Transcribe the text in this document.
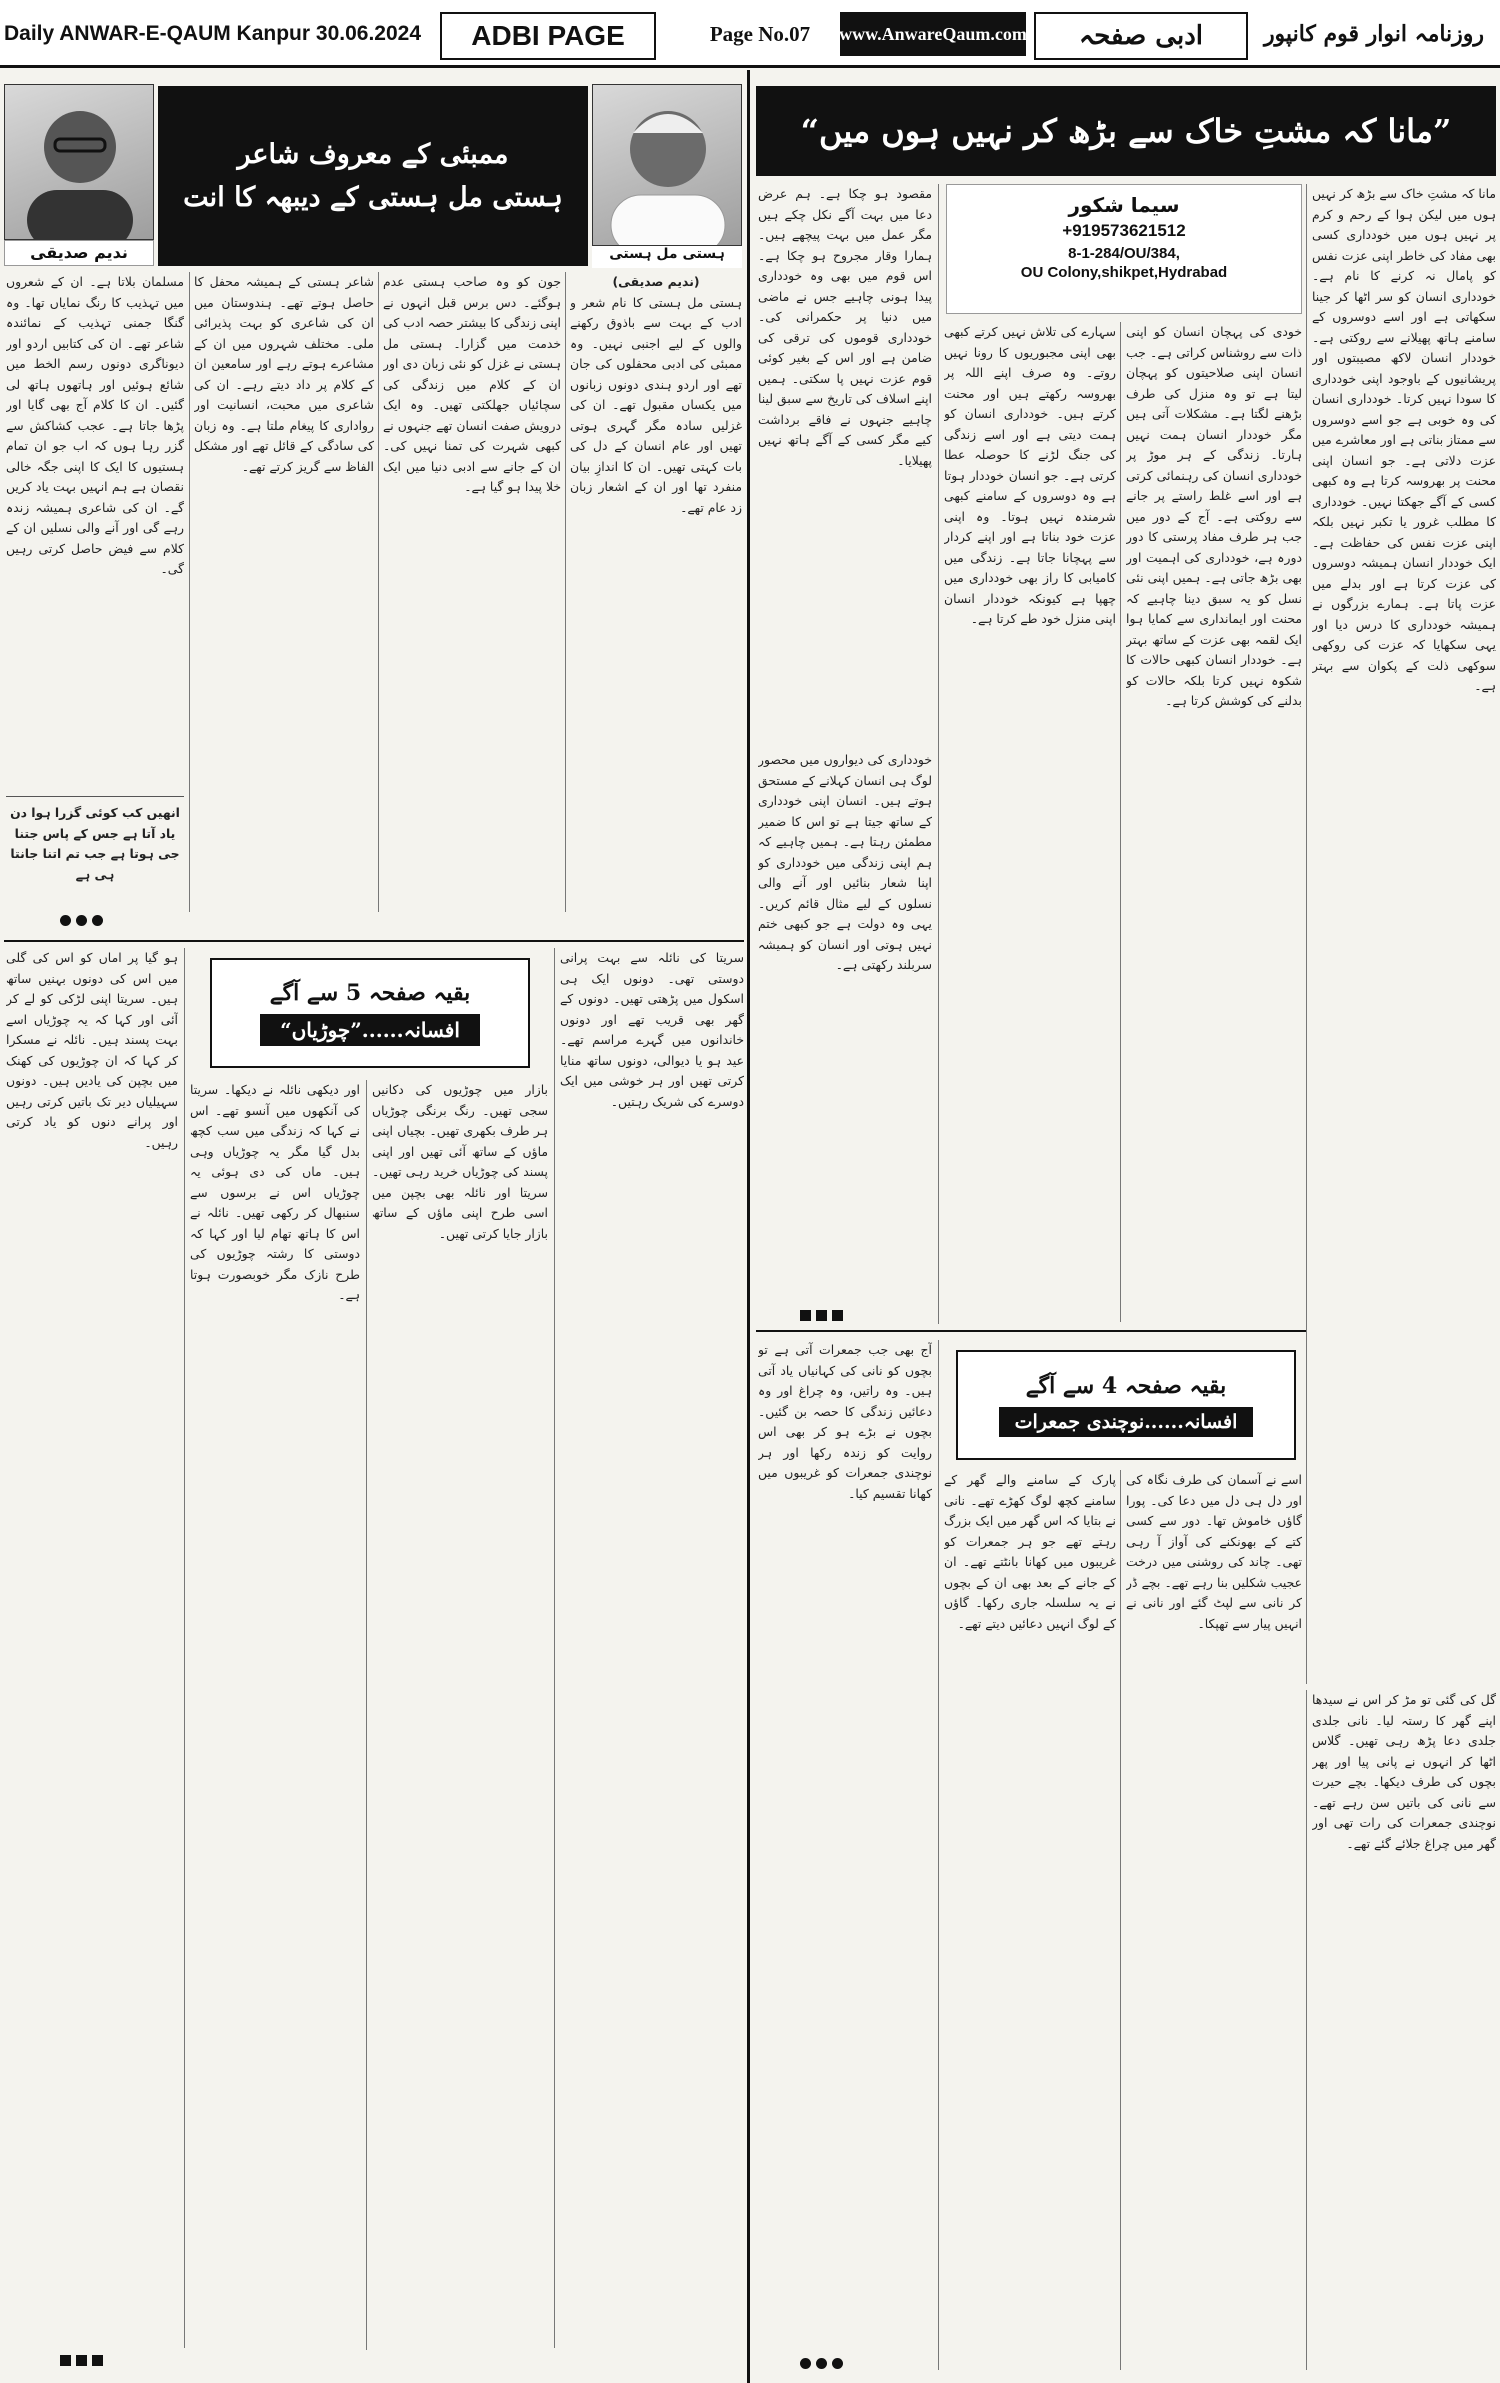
Daily ANWAR-E-QAUM Kanpur
30.06.2024	ADBI PAGE	Page No.07	www.AnwareQaum.com	ادبی صفحہ	روزنامہ انوار قوم کانپور
ندیم صدیقی
ممبئی کے معروف شاعر
ہستی مل ہستی کے دیبھہ کا انت
ہستی مل ہستی
(ندیم صدیقی)
ہستی مل ہستی کا نام شعر و ادب کے بہت سے باذوق رکھنے والوں کے لیے اجنبی نہیں۔ وہ ممبئی کی ادبی محفلوں کی جان تھے اور اردو ہندی دونوں زبانوں میں یکساں مقبول تھے۔ ان کی غزلیں سادہ مگر گہری ہوتی تھیں اور عام انسان کے دل کی بات کہتی تھیں۔ ان کا اندازِ بیان منفرد تھا اور ان کے اشعار زبان زد عام تھے۔
جون کو وہ صاحب ہستی عدم ہوگئے۔ دس برس قبل انہوں نے اپنی زندگی کا بیشتر حصہ ادب کی خدمت میں گزارا۔ ہستی مل ہستی نے غزل کو نئی زبان دی اور ان کے کلام میں زندگی کی سچائیاں جھلکتی تھیں۔ وہ ایک درویش صفت انسان تھے جنہوں نے کبھی شہرت کی تمنا نہیں کی۔ ان کے جانے سے ادبی دنیا میں ایک خلا پیدا ہو گیا ہے۔
شاعر ہستی کے ہمیشہ محفل کا حاصل ہوتے تھے۔ ہندوستان میں ان کی شاعری کو بہت پذیرائی ملی۔ مختلف شہروں میں ان کے مشاعرے ہوتے رہے اور سامعین ان کے کلام پر داد دیتے رہے۔ ان کی شاعری میں محبت، انسانیت اور رواداری کا پیغام ملتا ہے۔ وہ زبان کی سادگی کے قائل تھے اور مشکل الفاظ سے گریز کرتے تھے۔
مسلمان بلاتا ہے۔ ان کے شعروں میں تہذیب کا رنگ نمایاں تھا۔ وہ گنگا جمنی تہذیب کے نمائندہ شاعر تھے۔ ان کی کتابیں اردو اور دیوناگری دونوں رسم الخط میں شائع ہوئیں اور ہاتھوں ہاتھ لی گئیں۔ ان کا کلام آج بھی گایا اور پڑھا جاتا ہے۔ عجب کشاکش سے گزر رہا ہوں کہ اب جو ان تمام ہستیوں کا ایک کا اپنی جگہ خالی نقصان ہے ہم انہیں بہت یاد کریں گے۔ ان کی شاعری ہمیشہ زندہ رہے گی اور آنے والی نسلیں ان کے کلام سے فیض حاصل کرتی رہیں گی۔
انھیں کب کوئی گزرا ہوا دن یاد آتا ہے جس کے پاس جتنا جی ہوتا ہے جب تم اتنا جانتا ہی ہے
بقیہ صفحہ 5 سے آگے
افسانہ......”چوڑیاں“
سریتا کی نائلہ سے بہت پرانی دوستی تھی۔ دونوں ایک ہی اسکول میں پڑھتی تھیں۔ دونوں کے گھر بھی قریب تھے اور دونوں خاندانوں میں گہرے مراسم تھے۔ عید ہو یا دیوالی، دونوں ساتھ منایا کرتی تھیں اور ہر خوشی میں ایک دوسرے کی شریک رہتیں۔
بازار میں چوڑیوں کی دکانیں سجی تھیں۔ رنگ برنگی چوڑیاں ہر طرف بکھری تھیں۔ بچیاں اپنی ماؤں کے ساتھ آئی تھیں اور اپنی پسند کی چوڑیاں خرید رہی تھیں۔ سریتا اور نائلہ بھی بچپن میں اسی طرح اپنی ماؤں کے ساتھ بازار جایا کرتی تھیں۔
اور دیکھی نائلہ نے دیکھا۔ سریتا کی آنکھوں میں آنسو تھے۔ اس نے کہا کہ زندگی میں سب کچھ بدل گیا مگر یہ چوڑیاں وہی ہیں۔ ماں کی دی ہوئی یہ چوڑیاں اس نے برسوں سے سنبھال کر رکھی تھیں۔ نائلہ نے اس کا ہاتھ تھام لیا اور کہا کہ دوستی کا رشتہ چوڑیوں کی طرح نازک مگر خوبصورت ہوتا ہے۔
ہو گیا پر اماں کو اس کی گلی میں اس کی دونوں بہنیں ساتھ ہیں۔ سریتا اپنی لڑکی کو لے کر آئی اور کہا کہ یہ چوڑیاں اسے بہت پسند ہیں۔ نائلہ نے مسکرا کر کہا کہ ان چوڑیوں کی کھنک میں بچپن کی یادیں ہیں۔ دونوں سہیلیاں دیر تک باتیں کرتی رہیں اور پرانے دنوں کو یاد کرتی رہیں۔
”مانا کہ مشتِ خاک سے بڑھ کر نہیں ہوں میں“
سیما شکور
+919573621512
8-1-284/OU/384,
OU Colony,shikpet,Hydrabad
مانا کہ مشتِ خاک سے بڑھ کر نہیں ہوں میں لیکن ہوا کے رحم و کرم پر نہیں ہوں میں خودداری کسی بھی مفاد کی خاطر اپنی عزت نفس کو پامال نہ کرنے کا نام ہے۔ خودداری انسان کو سر اٹھا کر جینا سکھاتی ہے اور اسے دوسروں کے سامنے ہاتھ پھیلانے سے روکتی ہے۔ خوددار انسان لاکھ مصیبتوں اور پریشانیوں کے باوجود اپنی خودداری کا سودا نہیں کرتا۔ خودداری انسان کی وہ خوبی ہے جو اسے دوسروں سے ممتاز بناتی ہے اور معاشرے میں عزت دلاتی ہے۔ جو انسان اپنی محنت پر بھروسہ کرتا ہے وہ کبھی کسی کے آگے جھکتا نہیں۔ خودداری کا مطلب غرور یا تکبر نہیں بلکہ اپنی عزت نفس کی حفاظت ہے۔ ایک خوددار انسان ہمیشہ دوسروں کی عزت کرتا ہے اور بدلے میں عزت پاتا ہے۔ ہمارے بزرگوں نے ہمیشہ خودداری کا درس دیا اور یہی سکھایا کہ عزت کی روکھی سوکھی ذلت کے پکوان سے بہتر ہے۔
خودی کی پہچان انسان کو اپنی ذات سے روشناس کراتی ہے۔ جب انسان اپنی صلاحیتوں کو پہچان لیتا ہے تو وہ منزل کی طرف بڑھنے لگتا ہے۔ مشکلات آتی ہیں مگر خوددار انسان ہمت نہیں ہارتا۔ زندگی کے ہر موڑ پر خودداری انسان کی رہنمائی کرتی ہے اور اسے غلط راستے پر جانے سے روکتی ہے۔ آج کے دور میں جب ہر طرف مفاد پرستی کا دور دورہ ہے، خودداری کی اہمیت اور بھی بڑھ جاتی ہے۔ ہمیں اپنی نئی نسل کو یہ سبق دینا چاہیے کہ محنت اور ایمانداری سے کمایا ہوا ایک لقمہ بھی عزت کے ساتھ بہتر ہے۔ خوددار انسان کبھی حالات کا شکوہ نہیں کرتا بلکہ حالات کو بدلنے کی کوشش کرتا ہے۔
سہارے کی تلاش نہیں کرتے کبھی بھی اپنی مجبوریوں کا رونا نہیں روتے۔ وہ صرف اپنے اللہ پر بھروسہ رکھتے ہیں اور محنت کرتے ہیں۔ خودداری انسان کو ہمت دیتی ہے اور اسے زندگی کی جنگ لڑنے کا حوصلہ عطا کرتی ہے۔ جو انسان خوددار ہوتا ہے وہ دوسروں کے سامنے کبھی شرمندہ نہیں ہوتا۔ وہ اپنی عزت خود بناتا ہے اور اپنے کردار سے پہچانا جاتا ہے۔ زندگی میں کامیابی کا راز بھی خودداری میں چھپا ہے کیونکہ خوددار انسان اپنی منزل خود طے کرتا ہے۔
مقصود ہو چکا ہے۔ ہم عرض دعا میں بہت آگے نکل چکے ہیں مگر عمل میں بہت پیچھے ہیں۔ ہمارا وقار مجروح ہو چکا ہے۔ اس قوم میں بھی وہ خودداری پیدا ہونی چاہیے جس نے ماضی میں دنیا پر حکمرانی کی۔ خودداری قوموں کی ترقی کی ضامن ہے اور اس کے بغیر کوئی قوم عزت نہیں پا سکتی۔ ہمیں اپنے اسلاف کی تاریخ سے سبق لینا چاہیے جنہوں نے فاقے برداشت کیے مگر کسی کے آگے ہاتھ نہیں پھیلایا۔
خودداری کی دیواروں میں محصور لوگ ہی انسان کہلانے کے مستحق ہوتے ہیں۔ انسان اپنی خودداری کے ساتھ جیتا ہے تو اس کا ضمیر مطمئن رہتا ہے۔ ہمیں چاہیے کہ ہم اپنی زندگی میں خودداری کو اپنا شعار بنائیں اور آنے والی نسلوں کے لیے مثال قائم کریں۔ یہی وہ دولت ہے جو کبھی ختم نہیں ہوتی اور انسان کو ہمیشہ سربلند رکھتی ہے۔
بقیہ صفحہ 4 سے آگے
افسانہ......نوچندی جمعرات
گل کی گئی تو مڑ کر اس نے سیدھا اپنے گھر کا رستہ لیا۔ نانی جلدی جلدی دعا پڑھ رہی تھیں۔ گلاس اٹھا کر انہوں نے پانی پیا اور پھر بچوں کی طرف دیکھا۔ بچے حیرت سے نانی کی باتیں سن رہے تھے۔ نوچندی جمعرات کی رات تھی اور گھر میں چراغ جلائے گئے تھے۔
اسے نے آسمان کی طرف نگاہ کی اور دل ہی دل میں دعا کی۔ پورا گاؤں خاموش تھا۔ دور سے کسی کتے کے بھونکنے کی آواز آ رہی تھی۔ چاند کی روشنی میں درخت عجیب شکلیں بنا رہے تھے۔ بچے ڈر کر نانی سے لپٹ گئے اور نانی نے انہیں پیار سے تھپکا۔
پارک کے سامنے والے گھر کے سامنے کچھ لوگ کھڑے تھے۔ نانی نے بتایا کہ اس گھر میں ایک بزرگ رہتے تھے جو ہر جمعرات کو غریبوں میں کھانا بانٹتے تھے۔ ان کے جانے کے بعد بھی ان کے بچوں نے یہ سلسلہ جاری رکھا۔ گاؤں کے لوگ انہیں دعائیں دیتے تھے۔
آج بھی جب جمعرات آتی ہے تو بچوں کو نانی کی کہانیاں یاد آتی ہیں۔ وہ راتیں، وہ چراغ اور وہ دعائیں زندگی کا حصہ بن گئیں۔ بچوں نے بڑے ہو کر بھی اس روایت کو زندہ رکھا اور ہر نوچندی جمعرات کو غریبوں میں کھانا تقسیم کیا۔
